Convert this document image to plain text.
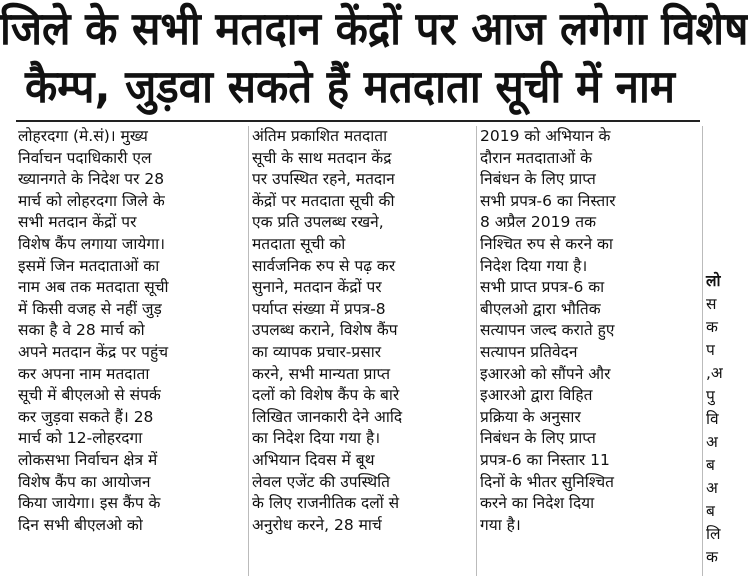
जिले के सभी मतदान केंद्रों पर आज लगेगा विशेष
कैम्प, जुड़वा सकते हैं मतदाता सूची में नाम
लोहरदगा (मे.सं)। मुख्य
निर्वाचन पदाधिकारी एल
ख्यानगते के निदेश पर 28
मार्च को लोहरदगा जिले के
सभी मतदान केंद्रों पर
विशेष कैंप लगाया जायेगा।
इसमें जिन मतदाताओं का
नाम अब तक मतदाता सूची
में किसी वजह से नहीं जुड़
सका है वे 28 मार्च को
अपने मतदान केंद्र पर पहुंच
कर अपना नाम मतदाता
सूची में बीएलओ से संपर्क
कर जुड़वा सकते हैं। 28
मार्च को 12-लोहरदगा
लोकसभा निर्वाचन क्षेत्र में
विशेष कैंप का आयोजन
किया जायेगा। इस कैंप के
दिन सभी बीएलओ को
अंतिम प्रकाशित मतदाता
सूची के साथ मतदान केंद्र
पर उपस्थित रहने, मतदान
केंद्रों पर मतदाता सूची की
एक प्रति उपलब्ध रखने,
मतदाता सूची को
सार्वजनिक रुप से पढ़ कर
सुनाने, मतदान केंद्रों पर
पर्याप्त संख्या में प्रपत्र-8
उपलब्ध कराने, विशेष कैंप
का व्यापक प्रचार-प्रसार
करने, सभी मान्यता प्राप्त
दलों को विशेष कैंप के बारे
लिखित जानकारी देने आदि
का निदेश दिया गया है।
अभियान दिवस में बूथ
लेवल एजेंट की उपस्थिति
के लिए राजनीतिक दलों से
अनुरोध करने, 28 मार्च
2019 को अभियान के
दौरान मतदाताओं के
निबंधन के लिए प्राप्त
सभी प्रपत्र-6 का निस्तार
8 अप्रैल 2019 तक
निश्चित रुप से करने का
निदेश दिया गया है।
सभी प्राप्त प्रपत्र-6 का
बीएलओ द्वारा भौतिक
सत्यापन जल्द कराते हुए
सत्यापन प्रतिवेदन
इआरओ को सौंपने और
इआरओ द्वारा विहित
प्रक्रिया के अनुसार
निबंधन के लिए प्राप्त
प्रपत्र-6 का निस्तार 11
दिनों के भीतर सुनिश्चित
करने का निदेश दिया
गया है।
लो
स
क
प
,अ
पु
वि
अ
ब
अ
ब
लि
क
